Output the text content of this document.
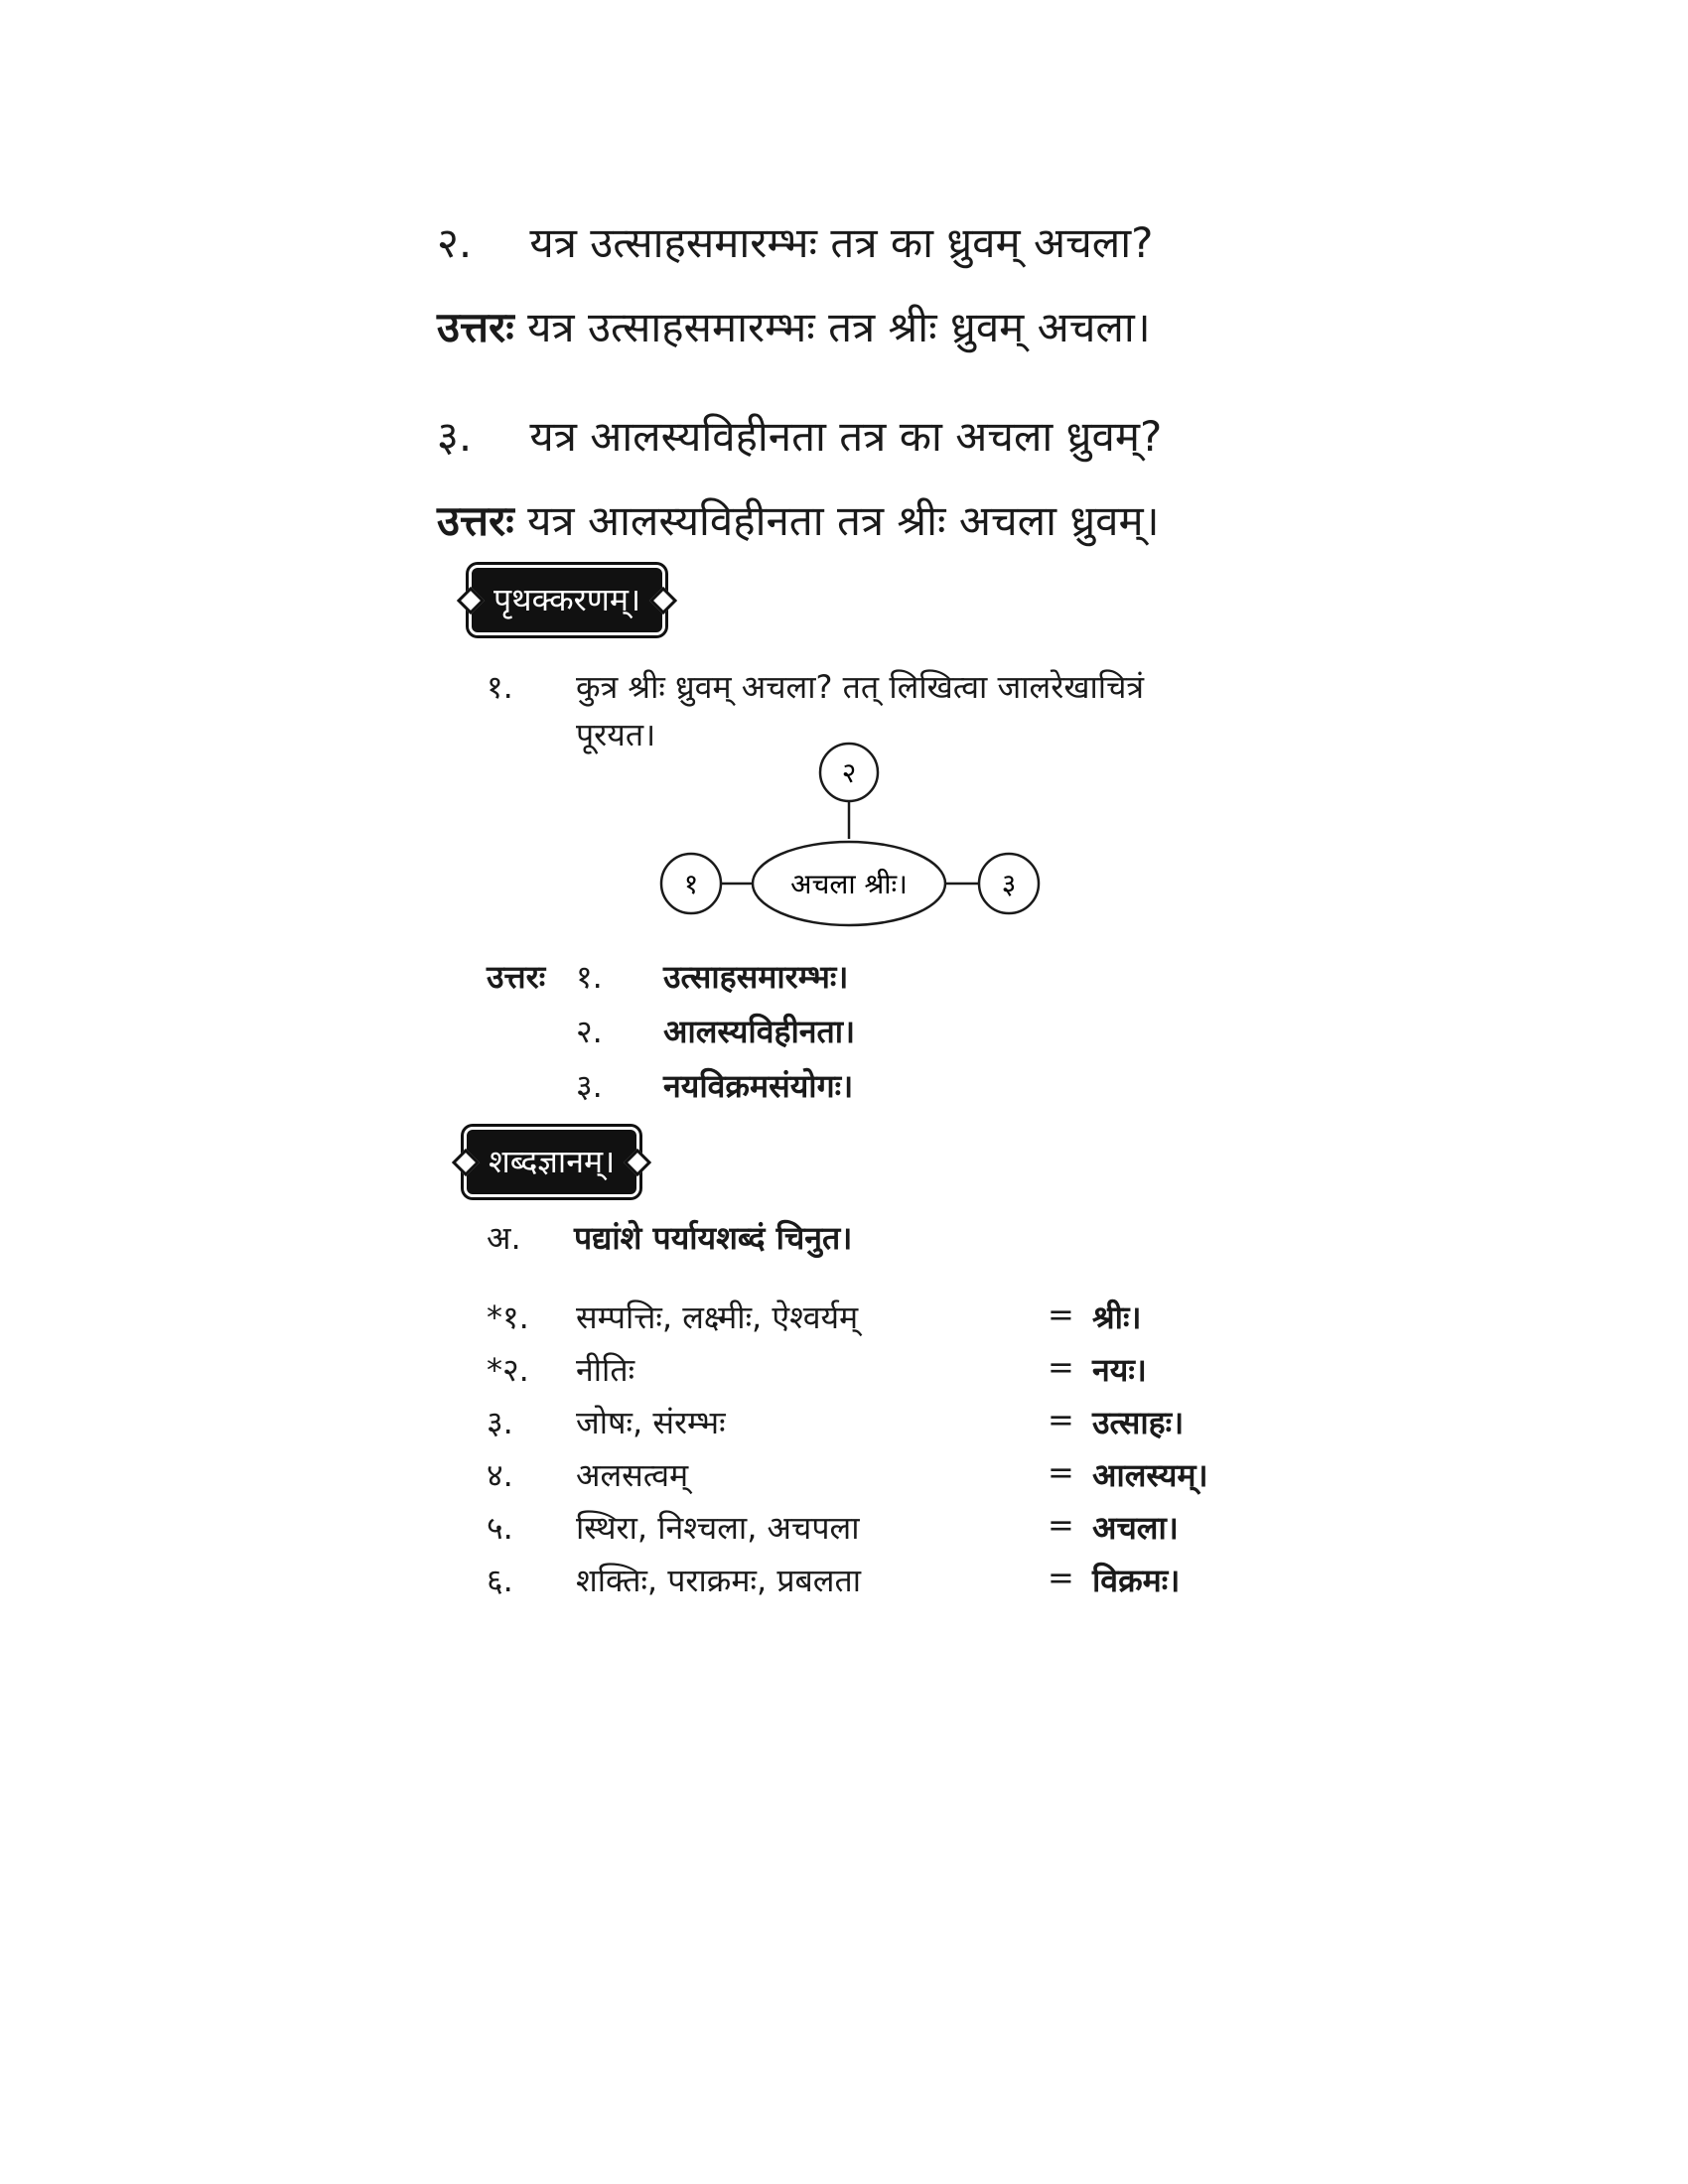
२. यत्र उत्साहसमारम्भः तत्र का ध्रुवम् अचला?
उत्तरः यत्र उत्साहसमारम्भः तत्र श्रीः ध्रुवम् अचला।
३. यत्र आलस्यविहीनता तत्र का अचला ध्रुवम्?
उत्तरः यत्र आलस्यविहीनता तत्र श्रीः अचला ध्रुवम्।
पृथक्करणम्।
१. कुत्र श्रीः ध्रुवम् अचला? तत् लिखित्वा जालरेखाचित्रं
पूरयत।
अचला श्रीः।
२
१	३
उत्तरः १. उत्साहसमारम्भः।
२. आलस्यविहीनता।
३. नयविक्रमसंयोगः।
शब्दज्ञानम्।
अ. पद्यांशे पर्यायशब्दं चिनुत।
*१. सम्पत्तिः, लक्ष्मीः, ऐश्वर्यम्	= श्रीः।
*२. नीतिः	= नयः।
३. जोषः, संरम्भः	= उत्साहः।
४. अलसत्वम्	= आलस्यम्।
५. स्थिरा, निश्चला, अचपला	= अचला।
६. शक्तिः, पराक्रमः, प्रबलता	= विक्रमः।
